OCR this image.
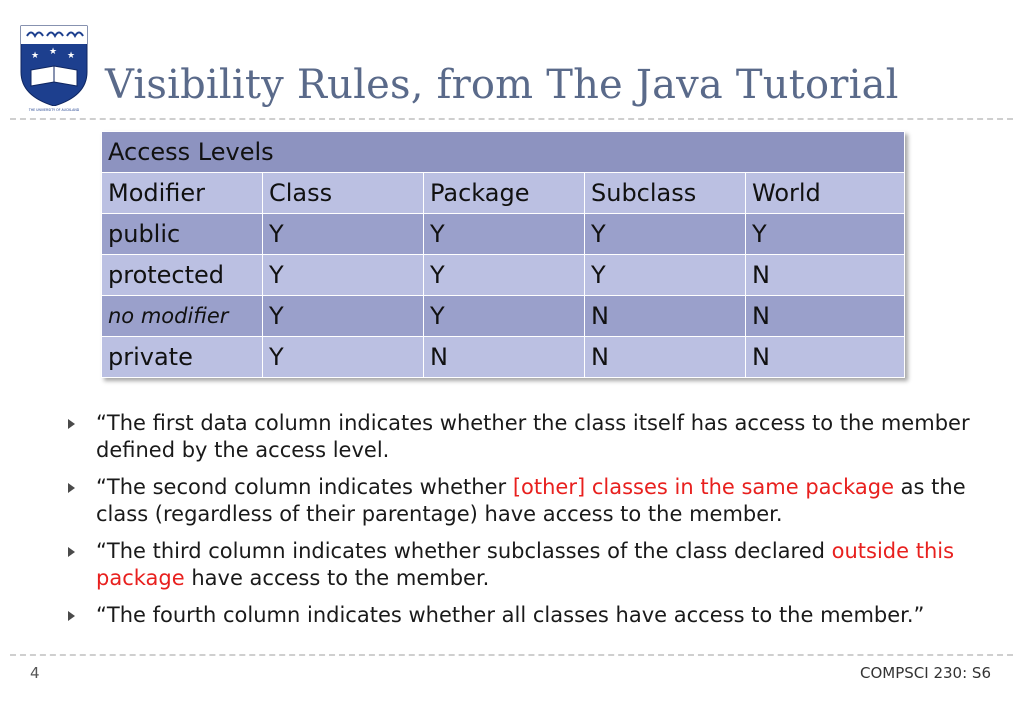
★	★
★
THE UNIVERSITY OF AUCKLAND
Visibility Rules, from The Java Tutorial
Access Levels				
Modifier	Class	Package	Subclass	World
public	Y	Y	Y	Y
protected	Y	Y	Y	N
no modifier	Y	Y	N	N
private	Y	N	N	N
“The first data column indicates whether the class itself has access to the member defined by the access level.
“The second column indicates whether [other] classes in the same package as the class (regardless of their parentage) have access to the member.
“The third column indicates whether subclasses of the class declared outside this package have access to the member.
“The fourth column indicates whether all classes have access to the member.”
4	COMPSCI 230: S6
